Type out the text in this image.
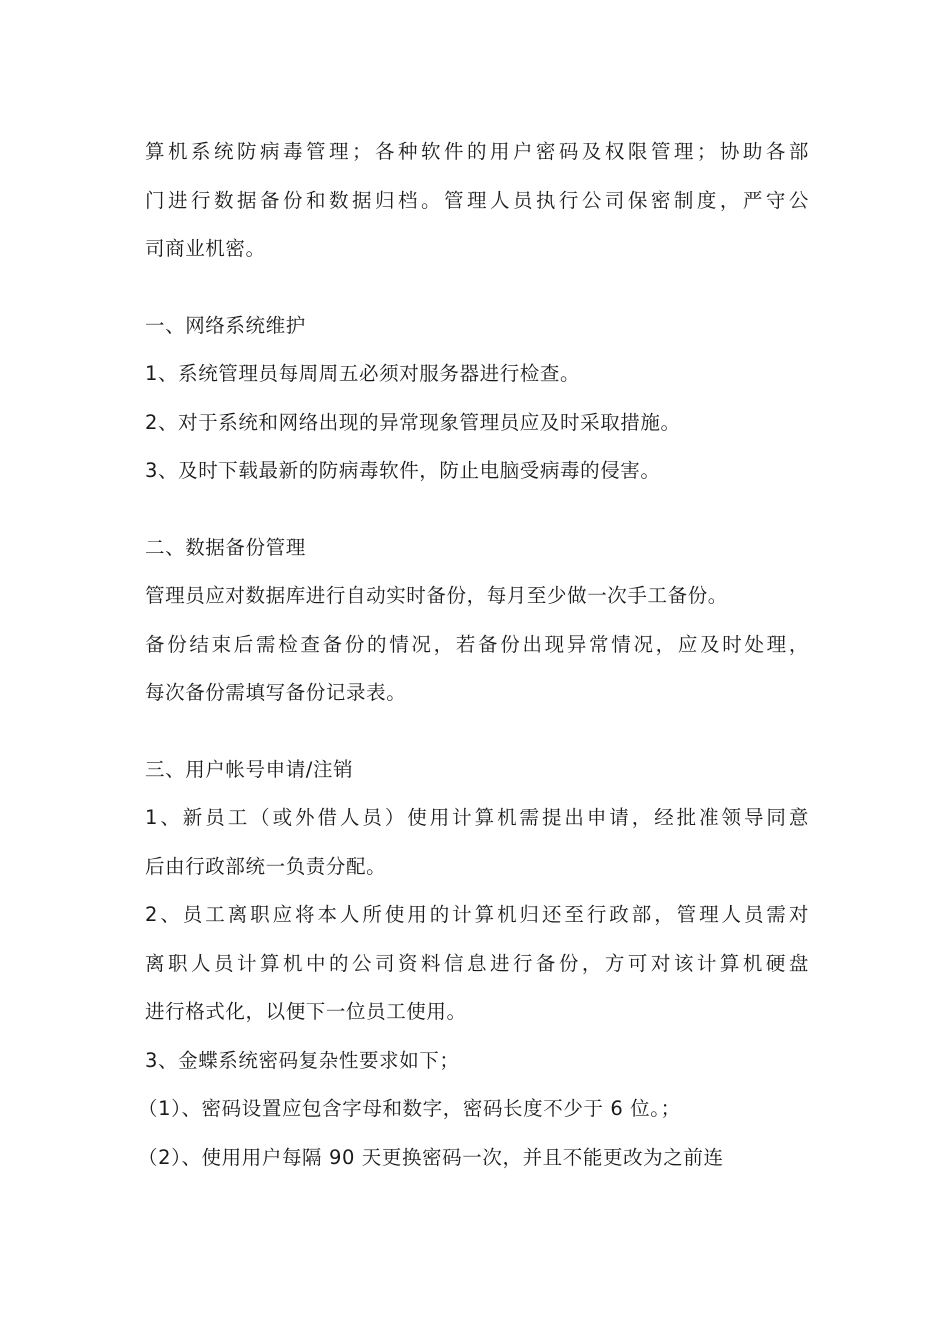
算机系统防病毒管理；各种软件的用户密码及权限管理；协助各部
门进行数据备份和数据归档。管理人员执行公司保密制度，严守公
司商业机密。
一、网络系统维护
1、系统管理员每周周五必须对服务器进行检查。
2、对于系统和网络出现的异常现象管理员应及时采取措施。
3、及时下载最新的防病毒软件，防止电脑受病毒的侵害。
二、数据备份管理
管理员应对数据库进行自动实时备份，每月至少做一次手工备份。
备份结束后需检查备份的情况，若备份出现异常情况，应及时处理，
每次备份需填写备份记录表。
三、用户帐号申请/注销
1、新员工（或外借人员）使用计算机需提出申请，经批准领导同意
后由行政部统一负责分配。
2、员工离职应将本人所使用的计算机归还至行政部，管理人员需对
离职人员计算机中的公司资料信息进行备份，方可对该计算机硬盘
进行格式化，以便下一位员工使用。
3、金蝶系统密码复杂性要求如下；
（1）、密码设置应包含字母和数字，密码长度不少于 6 位。；
（2）、使用用户每隔 90 天更换密码一次，并且不能更改为之前连
